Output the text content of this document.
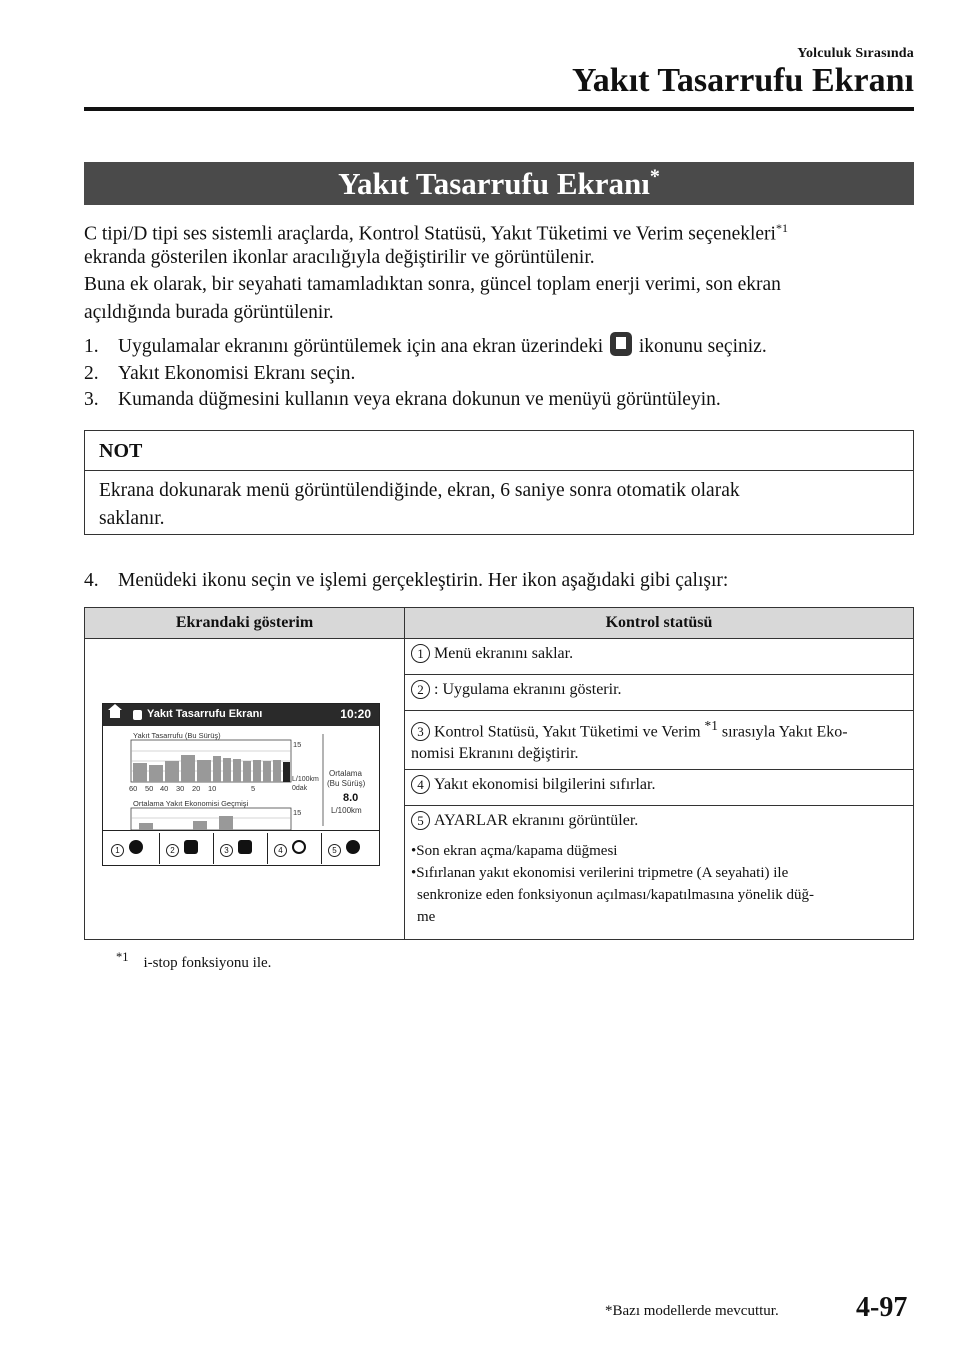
Yolculuk Sırasında
Yakıt Tasarrufu Ekranı
Yakıt Tasarrufu Ekranı*
C tipi/D tipi ses sistemli araçlarda, Kontrol Statüsü, Yakıt Tüketimi ve Verim seçenekleri$^{*1}$
ekranda gösterilen ikonlar aracılığıyla değiştirilir ve görüntülenir.
Buna ek olarak, bir seyahati tamamladıktan sonra, güncel toplam enerji verimi, son ekran
açıldığında burada görüntülenir.
1. Uygulamalar ekranını görüntülemek için ana ekran üzerindeki ikonunu seçiniz.
2. Yakıt Ekonomisi Ekranı seçin.
3. Kumanda düğmesini kullanın veya ekrana dokunun ve menüyü görüntüleyin.
NOT
Ekrana dokunarak menü görüntülendiğinde, ekran, 6 saniye sonra otomatik olarak
saklanır.
4. Menüdeki ikonu seçin ve işlemi gerçekleştirin. Her ikon aşağıdaki gibi çalışır:
Ekrandaki gösterim	Kontrol statüsü
	1 Menü ekranını saklar.
	2 : Uygulama ekranını gösterir.
	3 Kontrol Statüsü, Yakıt Tüketimi ve Verim $^{*1}$ sırasıyla Yakıt Eko-
nomisi Ekranını değiştirir.
	4 Yakıt ekonomisi bilgilerini sıfırlar.

	5 AYARLAR ekranını görüntüler.
•Son ekran açma/kapama düğmesi
•Sıfırlanan yakıt ekonomisi verilerini tripmetre (A seyahati) ile
senkronize eden fonksiyonun açılması/kapatılmasına yönelik düğ-
me
Yakıt Tasarrufu Ekranı	10:20
Yakıt Tasarrufu (Bu Sürüş)
15
L/100km
0dak
60 50 40 30 20 10	5
Ortalama
(Bu Sürüş)
8.0
L/100km
Ortalama Yakıt Ekonomisi Geçmişi
15
1	2	3	4	5
$^{*1}$ i-stop fonksiyonu ile.
*Bazı modellerde mevcuttur.	4-97
